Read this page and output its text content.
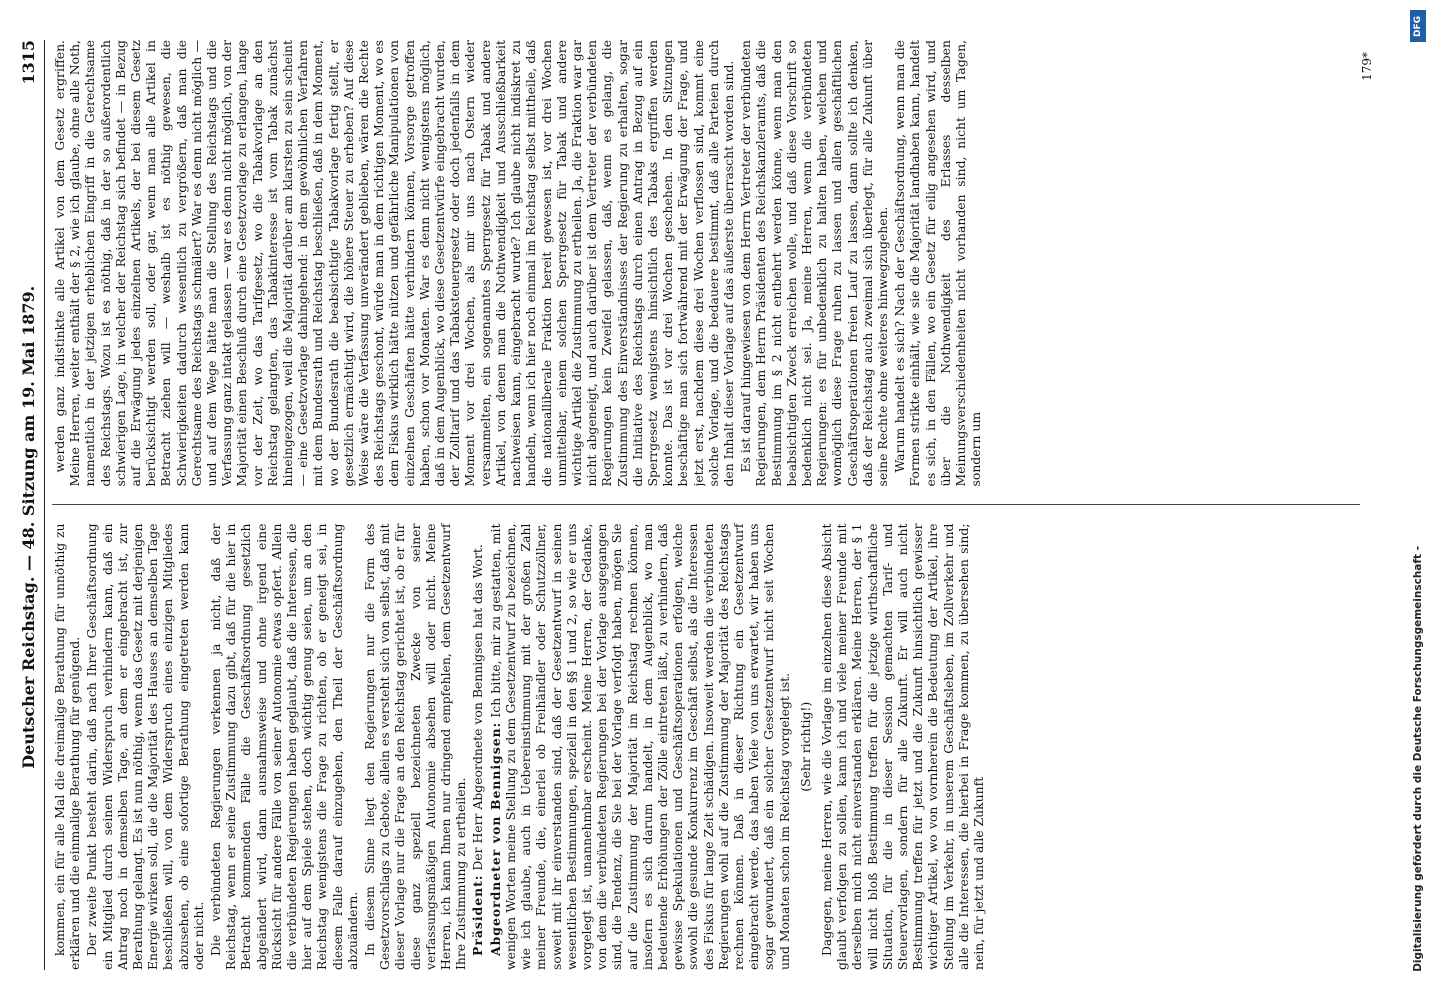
Deutscher Reichstag. — 48. Sitzung am 19. Mai 1879.
1315

kommen, ein für alle Mal die dreimalige Berathung für unnöthig zu erklären und die einmalige Berathung für genügend. Der zweite Punkt besteht darin, daß nach Ihrer Geschäftsordnung ein Mitglied durch seinen Widerspruch verhindern kann, daß ein Antrag noch in demselben Tage, an dem er eingebracht ist, zur Berathung gelangt. Es ist nun nöthig, wenn das Gesetz mit derjenigen Energie wirken soll, die die Majorität des Hauses an demselben Tage beschließen will, von dem Widerspruch eines einzigen Mitgliedes abzusehen, ob eine sofortige Berathung eingetreten werden kann oder nicht. Die verbündeten Regierungen verkennen ja nicht, daß der Reichstag, wenn er seine Zustimmung dazu gibt, daß für die hier in Betracht kommenden Fälle die Geschäftsordnung gesetzlich abgeändert wird, dann ausnahmsweise und ohne irgend eine Rücksicht für andere Fälle von seiner Autonomie etwas opfert. Allein die verbündeten Regierungen haben geglaubt, daß die Interessen, die hier auf dem Spiele stehen, doch wichtig genug seien, um an den Reichstag wenigstens die Frage zu richten, ob er geneigt sei, in diesem Falle darauf einzugehen, den Theil der Geschäftsordnung abzuändern. In diesem Sinne liegt den Regierungen nur die Form des Gesetzvorschlags zu Gebote, allein es versteht sich von selbst, daß mit dieser Vorlage nur die Frage an den Reichstag gerichtet ist, ob er für diese ganz speziell bezeichneten Zwecke von seiner verfassungsmäßigen Autonomie absehen will oder nicht. Meine Herren, ich kann Ihnen nur dringend empfehlen, dem Gesetzentwurf Ihre Zustimmung zu ertheilen. Präsident: Der Herr Abgeordnete von Bennigsen hat das Wort. Abgeordneter von Bennigsen: Ich bitte, mir zu gestatten, mit wenigen Worten meine Stellung zu dem Gesetzentwurf zu bezeichnen, wie ich glaube, auch in Uebereinstimmung mit der großen Zahl meiner Freunde, die, einerlei ob Freihändler oder Schutzzöllner, soweit mit ihr einverstanden sind, daß der Gesetzentwurf in seinen wesentlichen Bestimmungen, speziell in den §§ 1 und 2, so wie er uns vorgelegt ist, unannehmbar erscheint. Meine Herren, der Gedanke, von dem die verbündeten Regierungen bei der Vorlage ausgegangen sind, die Tendenz, die Sie bei der Vorlage verfolgt haben, mögen Sie auf die Zustimmung der Majorität im Reichstag rechnen können, insofern es sich darum handelt, in dem Augenblick, wo man bedeutende Erhöhungen der Zölle eintreten läßt, zu verhindern, daß gewisse Spekulationen und Geschäftsoperationen erfolgen, welche sowohl die gesunde Konkurrenz im Geschäft selbst, als die Interessen des Fiskus für lange Zeit schädigen. Insoweit werden die verbündeten Regierungen wohl auf die Zustimmung der Majorität des Reichstags rechnen können. Daß in dieser Richtung ein Gesetzentwurf eingebracht werde, das haben Viele von uns erwartet, wir haben uns sogar gewundert, daß ein solcher Gesetzentwurf nicht seit Wochen und Monaten schon im Reichstag vorgelegt ist. (Sehr richtig!) Dagegen, meine Herren, wie die Vorlage im einzelnen diese Absicht glaubt verfolgen zu sollen, kann ich und viele meiner Freunde mit derselben mich nicht einverstanden erklären. Meine Herren, der § 1 will nicht bloß Bestimmung treffen für die jetzige wirthschaftliche Situation, für die in dieser Session gemachten Tarif- und Steuervorlagen, sondern für alle Zukunft. Er will auch nicht Bestimmung treffen für jetzt und die Zukunft hinsichtlich gewisser wichtiger Artikel, wo von vornherein die Bedeutung der Artikel, ihre Stellung im Verkehr, in unserem Geschäftsleben, im Zollverkehr und alle die Interessen, die hierbei in Frage kommen, zu übersehen sind; nein, für jetzt und alle Zukunft

werden ganz indistinkte alle Artikel von dem Gesetz ergriffen. Meine Herren, weiter enthält der § 2, wie ich glaube, ohne alle Noth, namentlich in der jetzigen erheblichen Eingriff in die Gerechtsame des Reichstags. Wozu ist es nöthig, daß in der so außerordentlich schwierigen Lage, in welcher der Reichstag sich befindet — in Bezug auf die Erwägung jedes einzelnen Artikels, der bei diesem Gesetz berücksichtigt werden soll, oder gar, wenn man alle Artikel in Betracht ziehen will — weshalb ist es nöthig gewesen, die Schwierigkeiten dadurch wesentlich zu vergrößern, daß man die Gerechtsame des Reichstags schmälert? War es denn nicht möglich — und auf dem Wege hätte man die Stellung des Reichstags und die Verfassung ganz intakt gelassen — war es denn nicht möglich, von der Majorität einen Beschluß durch eine Gesetzvorlage zu erlangen, lange vor der Zeit, wo das Tarifgesetz, wo die Tabakvorlage an den Reichstag gelangten, das Tabakinteresse ist vom Tabak zunächst hineingezogen, weil die Majorität darüber am klarsten zu sein scheint — eine Gesetzvorlage dahingehend: in dem gewöhnlichen Verfahren mit dem Bundesrath und Reichstag beschließen, daß in dem Moment, wo der Bundesrath die beabsichtigte Tabakvorlage fertig stellt, er gesetzlich ermächtigt wird, die höhere Steuer zu erheben? Auf diese Weise wäre die Verfassung unverändert geblieben, wären die Rechte des Reichstags geschont, würde man in dem richtigen Moment, wo es dem Fiskus wirklich hätte nützen und gefährliche Manipulationen von einzelnen Geschäften hätte verhindern können, Vorsorge getroffen haben, schon vor Monaten. War es denn nicht wenigstens möglich, daß in dem Augenblick, wo diese Gesetzentwürfe eingebracht wurden, der Zolltarif und das Tabaksteuergesetz oder doch jedenfalls in dem Moment vor drei Wochen, als mir uns nach Ostern wieder versammelten, ein sogenanntes Sperrgesetz für Tabak und andere Artikel, von denen man die Nothwendigkeit und Ausschließbarkeit nachweisen kann, eingebracht wurde? Ich glaube nicht indiskret zu handeln, wenn ich hier noch einmal im Reichstag selbst mittheile, daß die nationalliberale Fraktion bereit gewesen ist, vor drei Wochen unmittelbar, einem solchen Sperrgesetz für Tabak und andere wichtige Artikel die Zustimmung zu ertheilen. Ja, die Fraktion war gar nicht abgeneigt, und auch darüber ist dem Vertreter der verbündeten Regierungen kein Zweifel gelassen, daß, wenn es gelang, die Zustimmung des Einverständnisses der Regierung zu erhalten, sogar die Initiative des Reichstags durch einen Antrag in Bezug auf ein Sperrgesetz wenigstens hinsichtlich des Tabaks ergriffen werden konnte. Das ist vor drei Wochen geschehen. In den Sitzungen beschäftige man sich fortwährend mit der Erwägung der Frage, und jetzt erst, nachdem diese drei Wochen verflossen sind, kommt eine solche Vorlage, und die bedauere bestimmt, daß alle Parteien durch den Inhalt dieser Vorlage auf das äußerste überrascht worden sind. Es ist darauf hingewiesen von dem Herrn Vertreter der verbündeten Regierungen, dem Herrn Präsidenten des Reichskanzleramts, daß die Bestimmung im § 2 nicht entbehrt werden könne, wenn man den beabsichtigten Zweck erreichen wolle, und daß diese Vorschrift so bedenklich nicht sei. Ja, meine Herren, wenn die verbündeten Regierungen: es für unbedenklich zu halten haben, welchen und womöglich diese Frage ruhen zu lassen und allen geschäftlichen Geschäftsoperationen freien Lauf zu lassen, dann sollte ich denken, daß der Reichstag auch zweimal sich überlegt, für alle Zukunft über seine Rechte ohne weiteres hinwegzugehen. Warum handelt es sich? Nach der Geschäftsordnung, wenn man die Formen strikte einhält, wie sie die Majorität landhaben kann, handelt es sich, in den Fällen, wo ein Gesetz für eilig angesehen wird, und über die Nothwendigkeit des Erlasses desselben Meinungsverschiedenheiten nicht vorhanden sind, nicht um Tagen, sondern um

179*
DFG
Digitalisierung gefördert durch die Deutsche Forschungsgemeinschaft -
